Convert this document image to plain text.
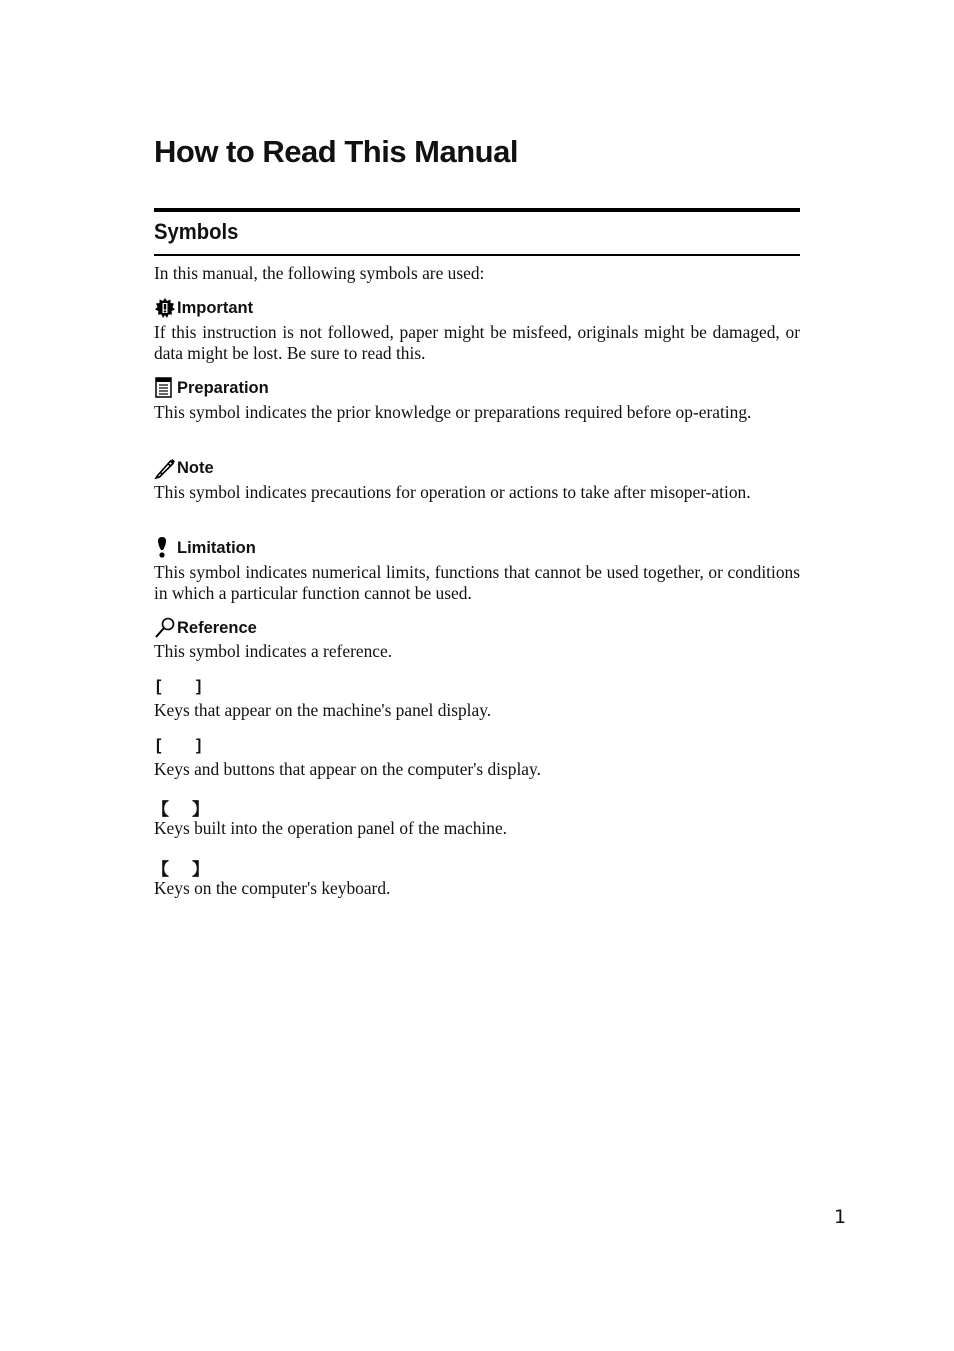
How to Read This Manual
Symbols

In this manual, the following symbols are used:

Important

If this instruction is not followed, paper might be misfeed, originals might be damaged, or data might be lost. Be sure to read this.

Preparation

This symbol indicates the prior knowledge or preparations required before op-erating.

Note

This symbol indicates precautions for operation or actions to take after misoper-ation.

Limitation

This symbol indicates numerical limits, functions that cannot be used together, or conditions in which a particular function cannot be used.

Reference

This symbol indicates a reference.

[ ]

Keys that appear on the machine's panel display.

[ ]

Keys and buttons that appear on the computer's display.

【 】

Keys built into the operation panel of the machine.

【 】

Keys on the computer's keyboard.

1
